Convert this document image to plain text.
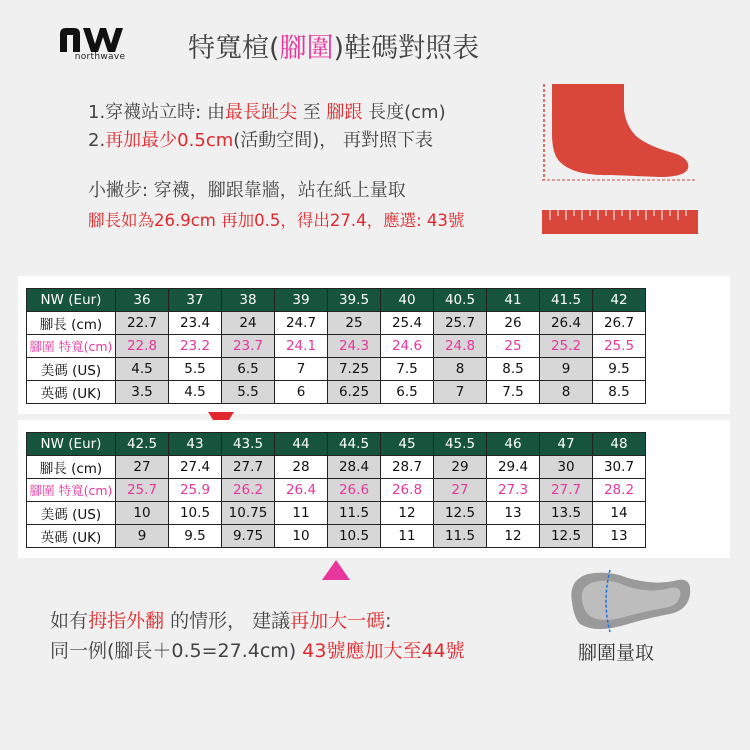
northwave	特寬楦(腳圍)鞋碼對照表
1.穿襪站立時: 由最長趾尖 至 腳跟 長度(cm)
2.再加最少0.5cm(活動空間)， 再對照下表
小撇步: 穿襪，腳跟靠牆，站在紙上量取
腳長如為26.9cm 再加0.5，得出27.4，應選: 43號
NW (Eur)	36	37	38	39	39.5	40	40.5	41	41.5	42
腳長 (cm)	22.7	23.4	24	24.7	25	25.4	25.7	26	26.4	26.7
腳圍 特寬(cm)	22.8	23.2	23.7	24.1	24.3	24.6	24.8	25	25.2	25.5
美碼 (US)	4.5	5.5	6.5	7	7.25	7.5	8	8.5	9	9.5
英碼 (UK)	3.5	4.5	5.5	6	6.25	6.5	7	7.5	8	8.5
NW (Eur)	42.5	43	43.5	44	44.5	45	45.5	46	47	48
腳長 (cm)	27	27.4	27.7	28	28.4	28.7	29	29.4	30	30.7
腳圍 特寬(cm)	25.7	25.9	26.2	26.4	26.6	26.8	27	27.3	27.7	28.2
美碼 (US)	10	10.5	10.75	11	11.5	12	12.5	13	13.5	14
英碼 (UK)	9	9.5	9.75	10	10.5	11	11.5	12	12.5	13
如有拇指外翻 的情形， 建議再加大一碼:
同一例(腳長＋0.5=27.4cm) 43號應加大至44號	腳圍量取
